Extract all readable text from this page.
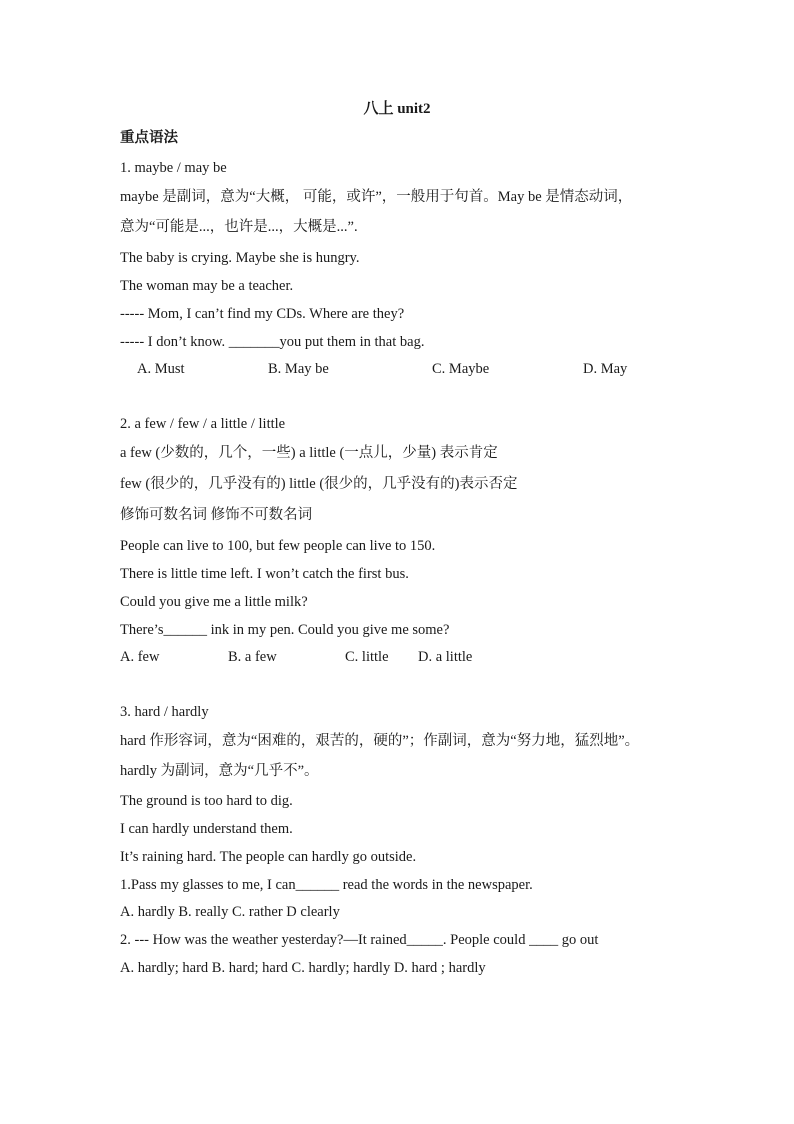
八上 unit2
重点语法
1. maybe / may be
maybe 是副词，意为“大概， 可能，或许”，一般用于句首。May be 是情态动词，
意为“可能是...，也许是...，大概是...”.
The baby is crying. Maybe she is hungry.
The woman may be a teacher.
----- Mom, I can’t find my CDs. Where are they?
----- I don’t know. _______you put them in that bag.
A. Must	B. May be	C. Maybe	D. May
2. a few / few / a little / little
a few (少数的，几个，一些) a little (一点儿，少量) 表示肯定
few (很少的，几乎没有的) little (很少的，几乎没有的)表示否定
修饰可数名词 修饰不可数名词
People can live to 100, but few people can live to 150.
There is little time left. I won’t catch the first bus.
Could you give me a little milk?
There’s______ ink in my pen. Could you give me some?
A. few	B. a few	C. little D. a little
3. hard / hardly
hard 作形容词，意为“困难的，艰苦的，硬的”；作副词，意为“努力地，猛烈地”。
hardly 为副词，意为“几乎不”。
The ground is too hard to dig.
I can hardly understand them.
It’s raining hard. The people can hardly go outside.
1.Pass my glasses to me, I can______ read the words in the newspaper.
A. hardly B. really C. rather D clearly
2. --- How was the weather yesterday?—It rained_____. People could ____ go out
A. hardly; hard B. hard; hard C. hardly; hardly D. hard ; hardly
